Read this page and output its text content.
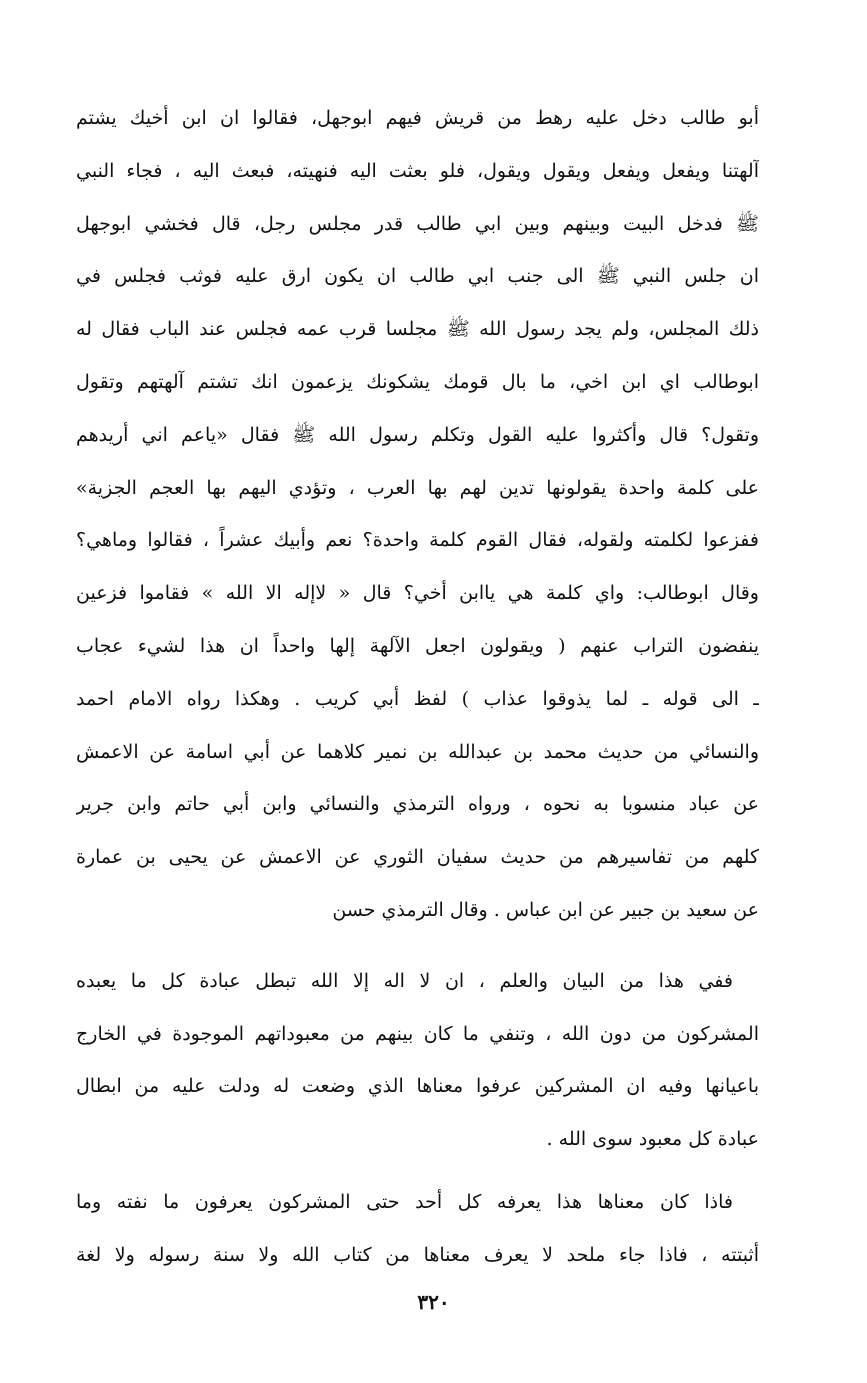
أبو طالب دخل عليه رهط من قريش فيهم ابوجهل، فقالوا ان ابن أخيك يشتم
آلهتنا ويفعل ويفعل ويقول ويقول، فلو بعثت اليه فنهيته، فبعث اليه ، فجاء النبي
ﷺ فدخل البيت وبينهم وبين ابي طالب قدر مجلس رجل، قال فخشي ابوجهل
ان جلس النبي ﷺ الى جنب ابي طالب ان يكون ارق عليه فوثب فجلس في
ذلك المجلس، ولم يجد رسول الله ﷺ مجلسا قرب عمه فجلس عند الباب فقال له
ابوطالب اي ابن اخي، ما بال قومك يشكونك يزعمون انك تشتم آلهتهم وتقول
وتقول؟ قال وأكثروا عليه القول وتكلم رسول الله ﷺ فقال «ياعم اني أريدهم
على كلمة واحدة يقولونها تدين لهم بها العرب ، وتؤدي اليهم بها العجم الجزية»
ففزعوا لكلمته ولقوله، فقال القوم كلمة واحدة؟ نعم وأبيك عشراً ، فقالوا وماهي؟
وقال ابوطالب: واي كلمة هي ياابن أخي؟ قال « لاإله الا الله » فقاموا فزعين
ينفضون التراب عنهم ( ويقولون اجعل الآلهة إلها واحداً ان هذا لشيء عجاب
ـ الى قوله ـ لما يذوقوا عذاب ) لفظ أبي كريب . وهكذا رواه الامام احمد
والنسائي من حديث محمد بن عبدالله بن نمير كلاهما عن أبي اسامة عن الاعمش
عن عباد منسوبا به نحوه ، ورواه الترمذي والنسائي وابن أبي حاتم وابن جرير
كلهم من تفاسيرهم من حديث سفيان الثوري عن الاعمش عن يحيى بن عمارة
عن سعيد بن جبير عن ابن عباس . وقال الترمذي حسن
ففي هذا من البيان والعلم ، ان لا اله إلا الله تبطل عبادة كل ما يعبده
المشركون من دون الله ، وتنفي ما كان بينهم من معبوداتهم الموجودة في الخارج
باعيانها وفيه ان المشركين عرفوا معناها الذي وضعت له ودلت عليه من ابطال
عبادة كل معبود سوى الله .
فاذا كان معناها هذا يعرفه كل أحد حتى المشركون يعرفون ما نفته وما
أثبتته ، فاذا جاء ملحد لا يعرف معناها من كتاب الله ولا سنة رسوله ولا لغة
٣٢٠
